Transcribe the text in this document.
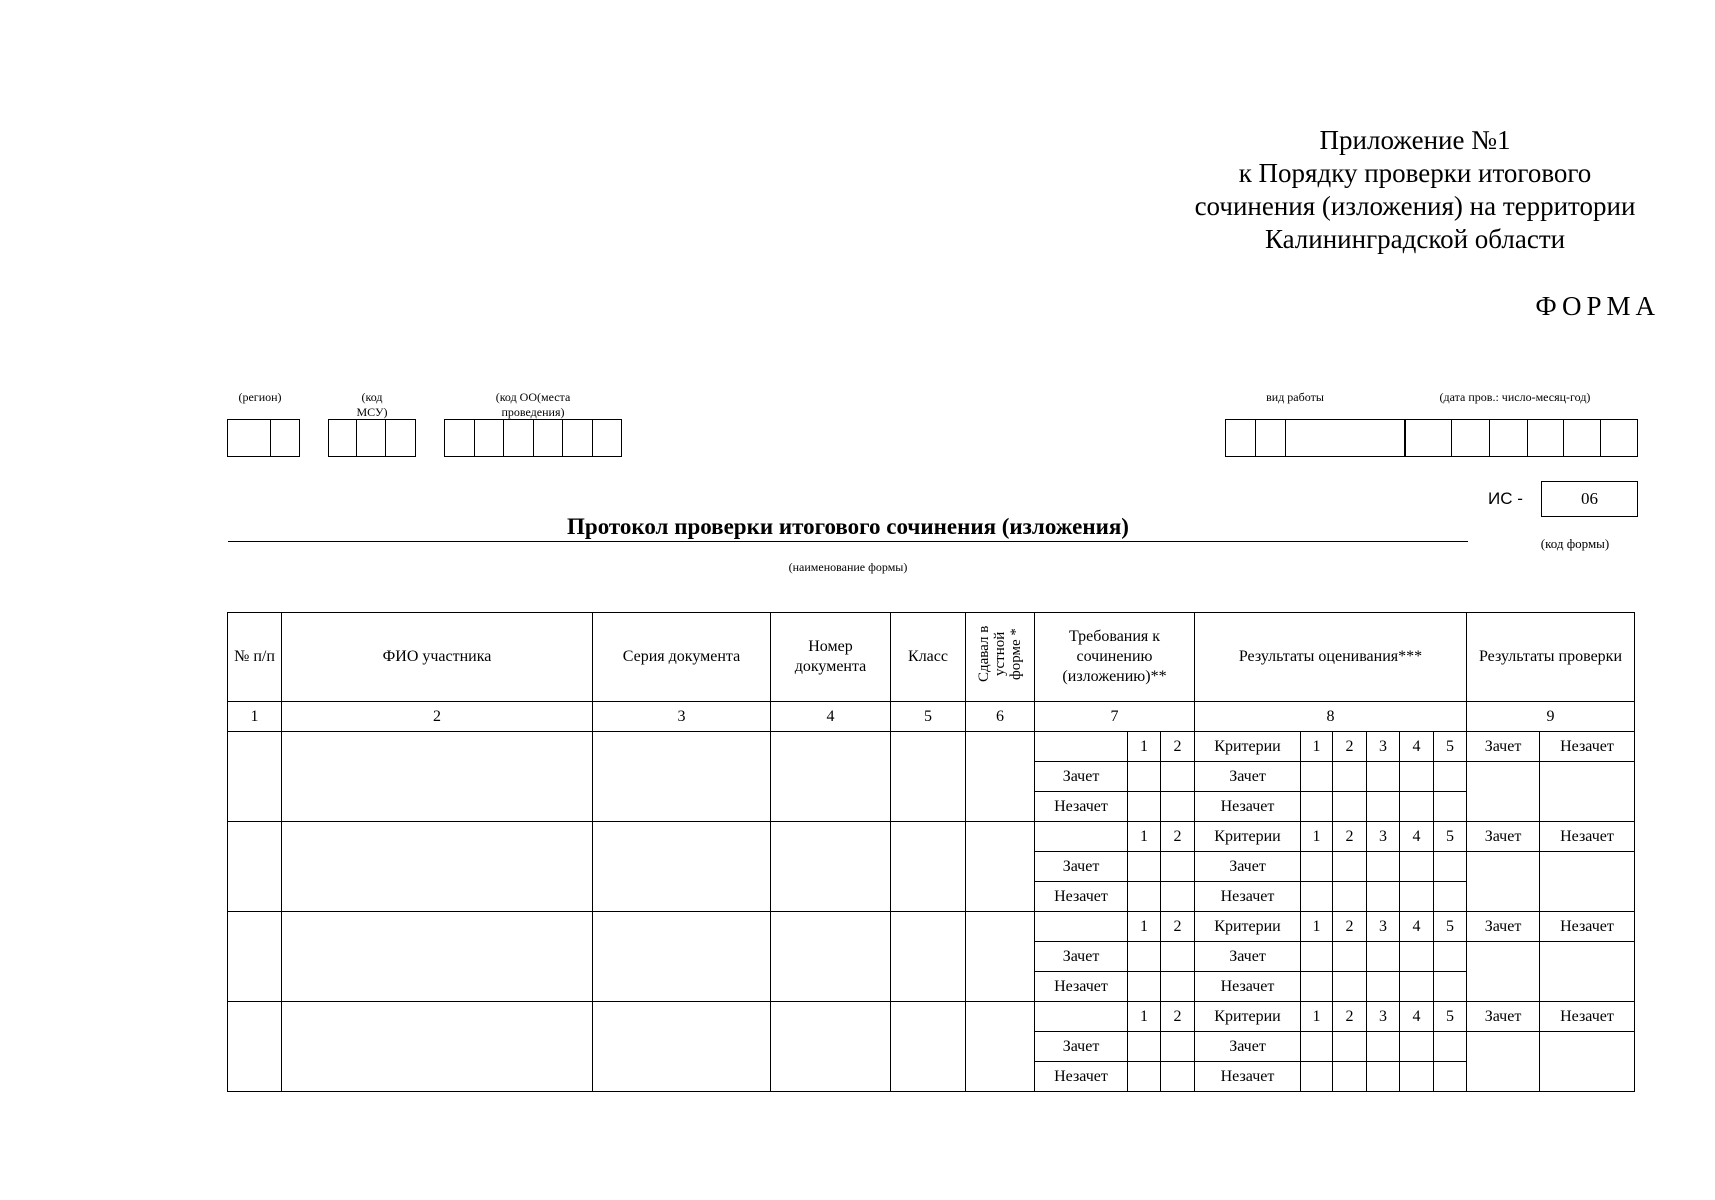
Приложение №1
к Порядку проверки итогового
сочинения (изложения) на территории
Калининградской области
ФОРМА
(регион)	(код
МСУ)
(код ОО(места
проведения)
вид работы	(дата пров.: число-месяц-год)
ИС -	06
(код формы)
Протокол проверки итогового сочинения (изложения)
(наименование формы)
№ п/п	ФИО участника	Серия документа	Номер документа	Класс	Сдавал в устной форме *	Требования к сочинению (изложению)**			Результаты оценивания***						Результаты проверки	
1	2	3	4	5	6	7			8						9	
							1	2	Критерии	1	2	3	4	5	Зачет	Незачет
						Зачет			Зачет							
						Незачет			Незачет							
							1	2	Критерии	1	2	3	4	5	Зачет	Незачет
						Зачет			Зачет							
						Незачет			Незачет							
							1	2	Критерии	1	2	3	4	5	Зачет	Незачет
						Зачет			Зачет							
						Незачет			Незачет							
							1	2	Критерии	1	2	3	4	5	Зачет	Незачет
						Зачет			Зачет							
						Незачет			Незачет							
